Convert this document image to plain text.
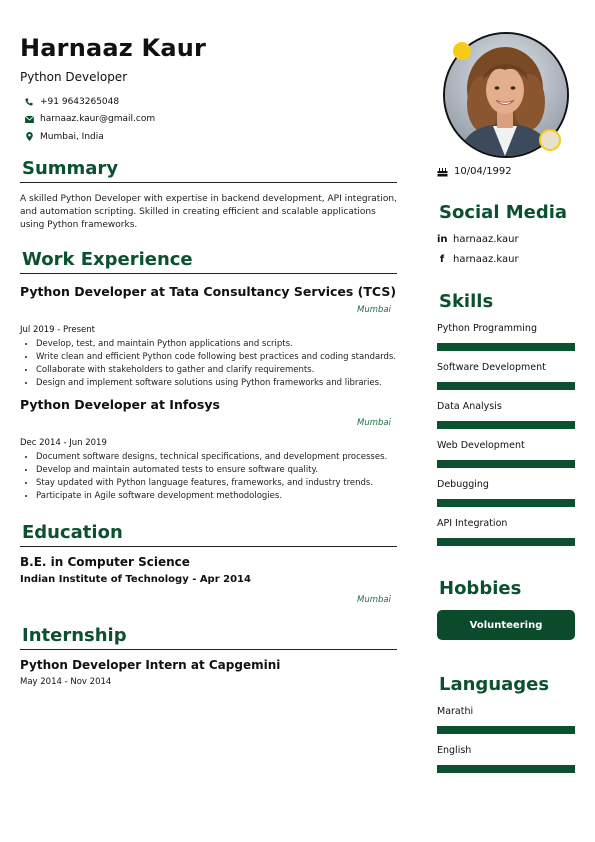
Harnaaz Kaur
Python Developer
+91 9643265048
harnaaz.kaur@gmail.com
Mumbai, India
Summary
A skilled Python Developer with expertise in backend development, API integration, and automation scripting. Skilled in creating efficient and scalable applications using Python frameworks.
Work Experience
Python Developer at Tata Consultancy Services (TCS)
Mumbai
Jul 2019 - Present
• Develop, test, and maintain Python applications and scripts.
• Write clean and efficient Python code following best practices and coding standards.
• Collaborate with stakeholders to gather and clarify requirements.
• Design and implement software solutions using Python frameworks and libraries.
Python Developer at Infosys
Mumbai
Dec 2014 - Jun 2019
• Document software designs, technical specifications, and development processes.
• Develop and maintain automated tests to ensure software quality.
• Stay updated with Python language features, frameworks, and industry trends.
• Participate in Agile software development methodologies.
Education
B.E. in Computer Science
Indian Institute of Technology - Apr 2014
Mumbai
Internship
Python Developer Intern at Capgemini
May 2014 - Nov 2014
10/04/1992
Social Media
in harnaaz.kaur
f harnaaz.kaur
Skills
Python Programming
Software Development
Data Analysis
Web Development
Debugging
API Integration
Hobbies
Volunteering
Languages
Marathi
English
